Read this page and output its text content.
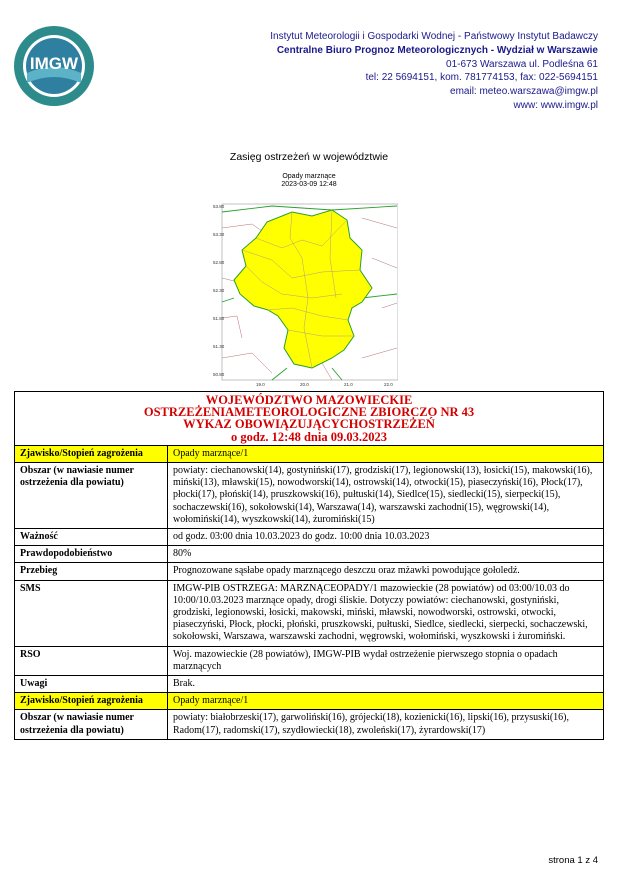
IMGW
Instytut Meteorologii i Gospodarki Wodnej - Państwowy Instytut Badawczy
Centralne Biuro Prognoz Meteorologicznych - Wydział w Warszawie
01-673 Warszawa ul. Podleśna 61
tel: 22 5694151, kom. 781774153, fax: 022-5694151
email: meteo.warszawa@imgw.pl
www: www.imgw.pl
Zasięg ostrzeżeń w województwie
Opady marznące
2023-03-09 12:48
53.80
53.30
52.80
52.30
51.80
51.30
50.80
19.0	20.0	21.0	22.0
WOJEWÓDZTWO MAZOWIECKIE
OSTRZEŻENIAMETEOROLOGICZNE ZBIORCZO NR 43
WYKAZ OBOWIĄZUJĄCYCHOSTRZEŻEŃ
o godz. 12:48 dnia 09.03.2023	

Zjawisko/Stopień zagrożenia	Opady marznące/1
Obszar (w nawiasie numer ostrzeżenia dla powiatu)	powiaty: ciechanowski(14), gostyniński(17), grodziski(17), legionowski(13), łosicki(15), makowski(16), miński(13), mławski(15), nowodworski(14), ostrowski(14), otwocki(15), piaseczyński(16), Płock(17), płocki(17), płoński(14), pruszkowski(16), pułtuski(14), Siedlce(15), siedlecki(15), sierpecki(15), sochaczewski(16), sokołowski(14), Warszawa(14), warszawski zachodni(15), węgrowski(14), wołomiński(14), wyszkowski(14), żuromiński(15)
Ważność	od godz. 03:00 dnia 10.03.2023 do godz. 10:00 dnia 10.03.2023
Prawdopodobieństwo	80%
Przebieg	Prognozowane sąsłabe opady marznącego deszczu oraz mżawki powodujące gołoledź.
SMS	IMGW-PIB OSTRZEGA: MARZNĄCEOPADY/1 mazowieckie (28 powiatów) od 03:00/10.03 do 10:00/10.03.2023 marznące opady, drogi śliskie. Dotyczy powiatów: ciechanowski, gostyniński, grodziski, legionowski, łosicki, makowski, miński, mławski, nowodworski, ostrowski, otwocki, piaseczyński, Płock, płocki, płoński, pruszkowski, pułtuski, Siedlce, siedlecki, sierpecki, sochaczewski, sokołowski, Warszawa, warszawski zachodni, węgrowski, wołomiński, wyszkowski i żuromiński.
RSO	Woj. mazowieckie (28 powiatów), IMGW-PIB wydał ostrzeżenie pierwszego stopnia o opadach marznących
Uwagi	Brak.
Zjawisko/Stopień zagrożenia	Opady marznące/1
Obszar (w nawiasie numer ostrzeżenia dla powiatu)	powiaty: białobrzeski(17), garwoliński(16), grójecki(18), kozienicki(16), lipski(16), przysuski(16), Radom(17), radomski(17), szydłowiecki(18), zwoleński(17), żyrardowski(17)
strona 1 z 4
